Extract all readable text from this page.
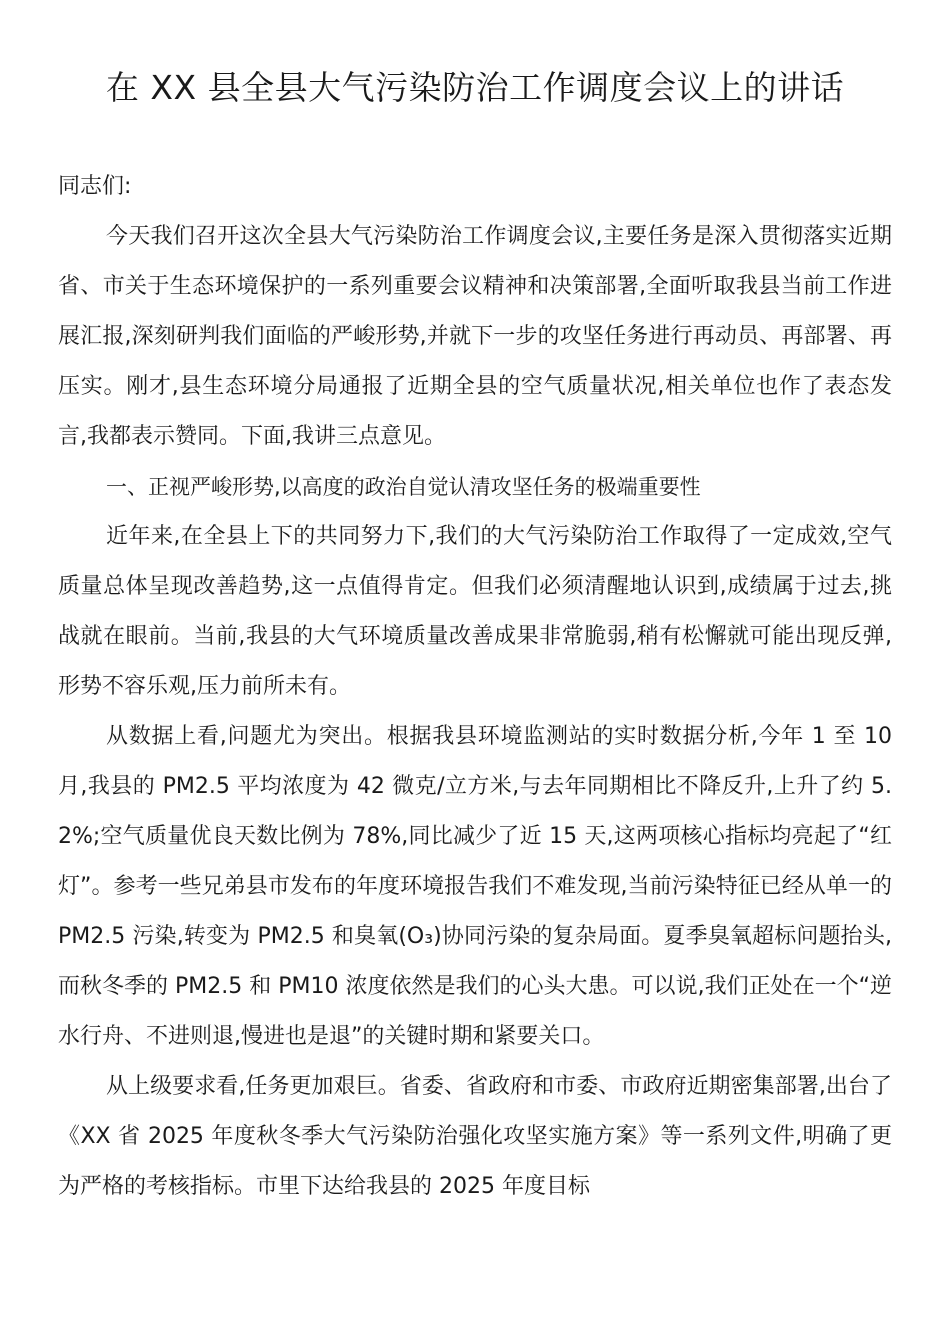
在 XX 县全县大气污染防治工作调度会议上的讲话

同志们:

今天我们召开这次全县大气污染防治工作调度会议,主要任务是深入贯彻落实近期省、市关于生态环境保护的一系列重要会议精神和决策部署,全面听取我县当前工作进展汇报,深刻研判我们面临的严峻形势,并就下一步的攻坚任务进行再动员、再部署、再压实。刚才,县生态环境分局通报了近期全县的空气质量状况,相关单位也作了表态发言,我都表示赞同。下面,我讲三点意见。

一、正视严峻形势,以高度的政治自觉认清攻坚任务的极端重要性

近年来,在全县上下的共同努力下,我们的大气污染防治工作取得了一定成效,空气质量总体呈现改善趋势,这一点值得肯定。但我们必须清醒地认识到,成绩属于过去,挑战就在眼前。当前,我县的大气环境质量改善成果非常脆弱,稍有松懈就可能出现反弹,形势不容乐观,压力前所未有。

从数据上看,问题尤为突出。根据我县环境监测站的实时数据分析,今年 1 至 10 月,我县的 PM2.5 平均浓度为 42 微克/立方米,与去年同期相比不降反升,上升了约 5.2%;空气质量优良天数比例为 78%,同比减少了近 15 天,这两项核心指标均亮起了“红灯”。参考一些兄弟县市发布的年度环境报告我们不难发现,当前污染特征已经从单一的 PM2.5 污染,转变为 PM2.5 和臭氧(O₃)协同污染的复杂局面。夏季臭氧超标问题抬头,而秋冬季的 PM2.5 和 PM10 浓度依然是我们的心头大患。可以说,我们正处在一个“逆水行舟、不进则退,慢进也是退”的关键时期和紧要关口。

从上级要求看,任务更加艰巨。省委、省政府和市委、市政府近期密集部署,出台了《XX 省 2025 年度秋冬季大气污染防治强化攻坚实施方案》等一系列文件,明确了更为严格的考核指标。市里下达给我县的 2025 年度目标
